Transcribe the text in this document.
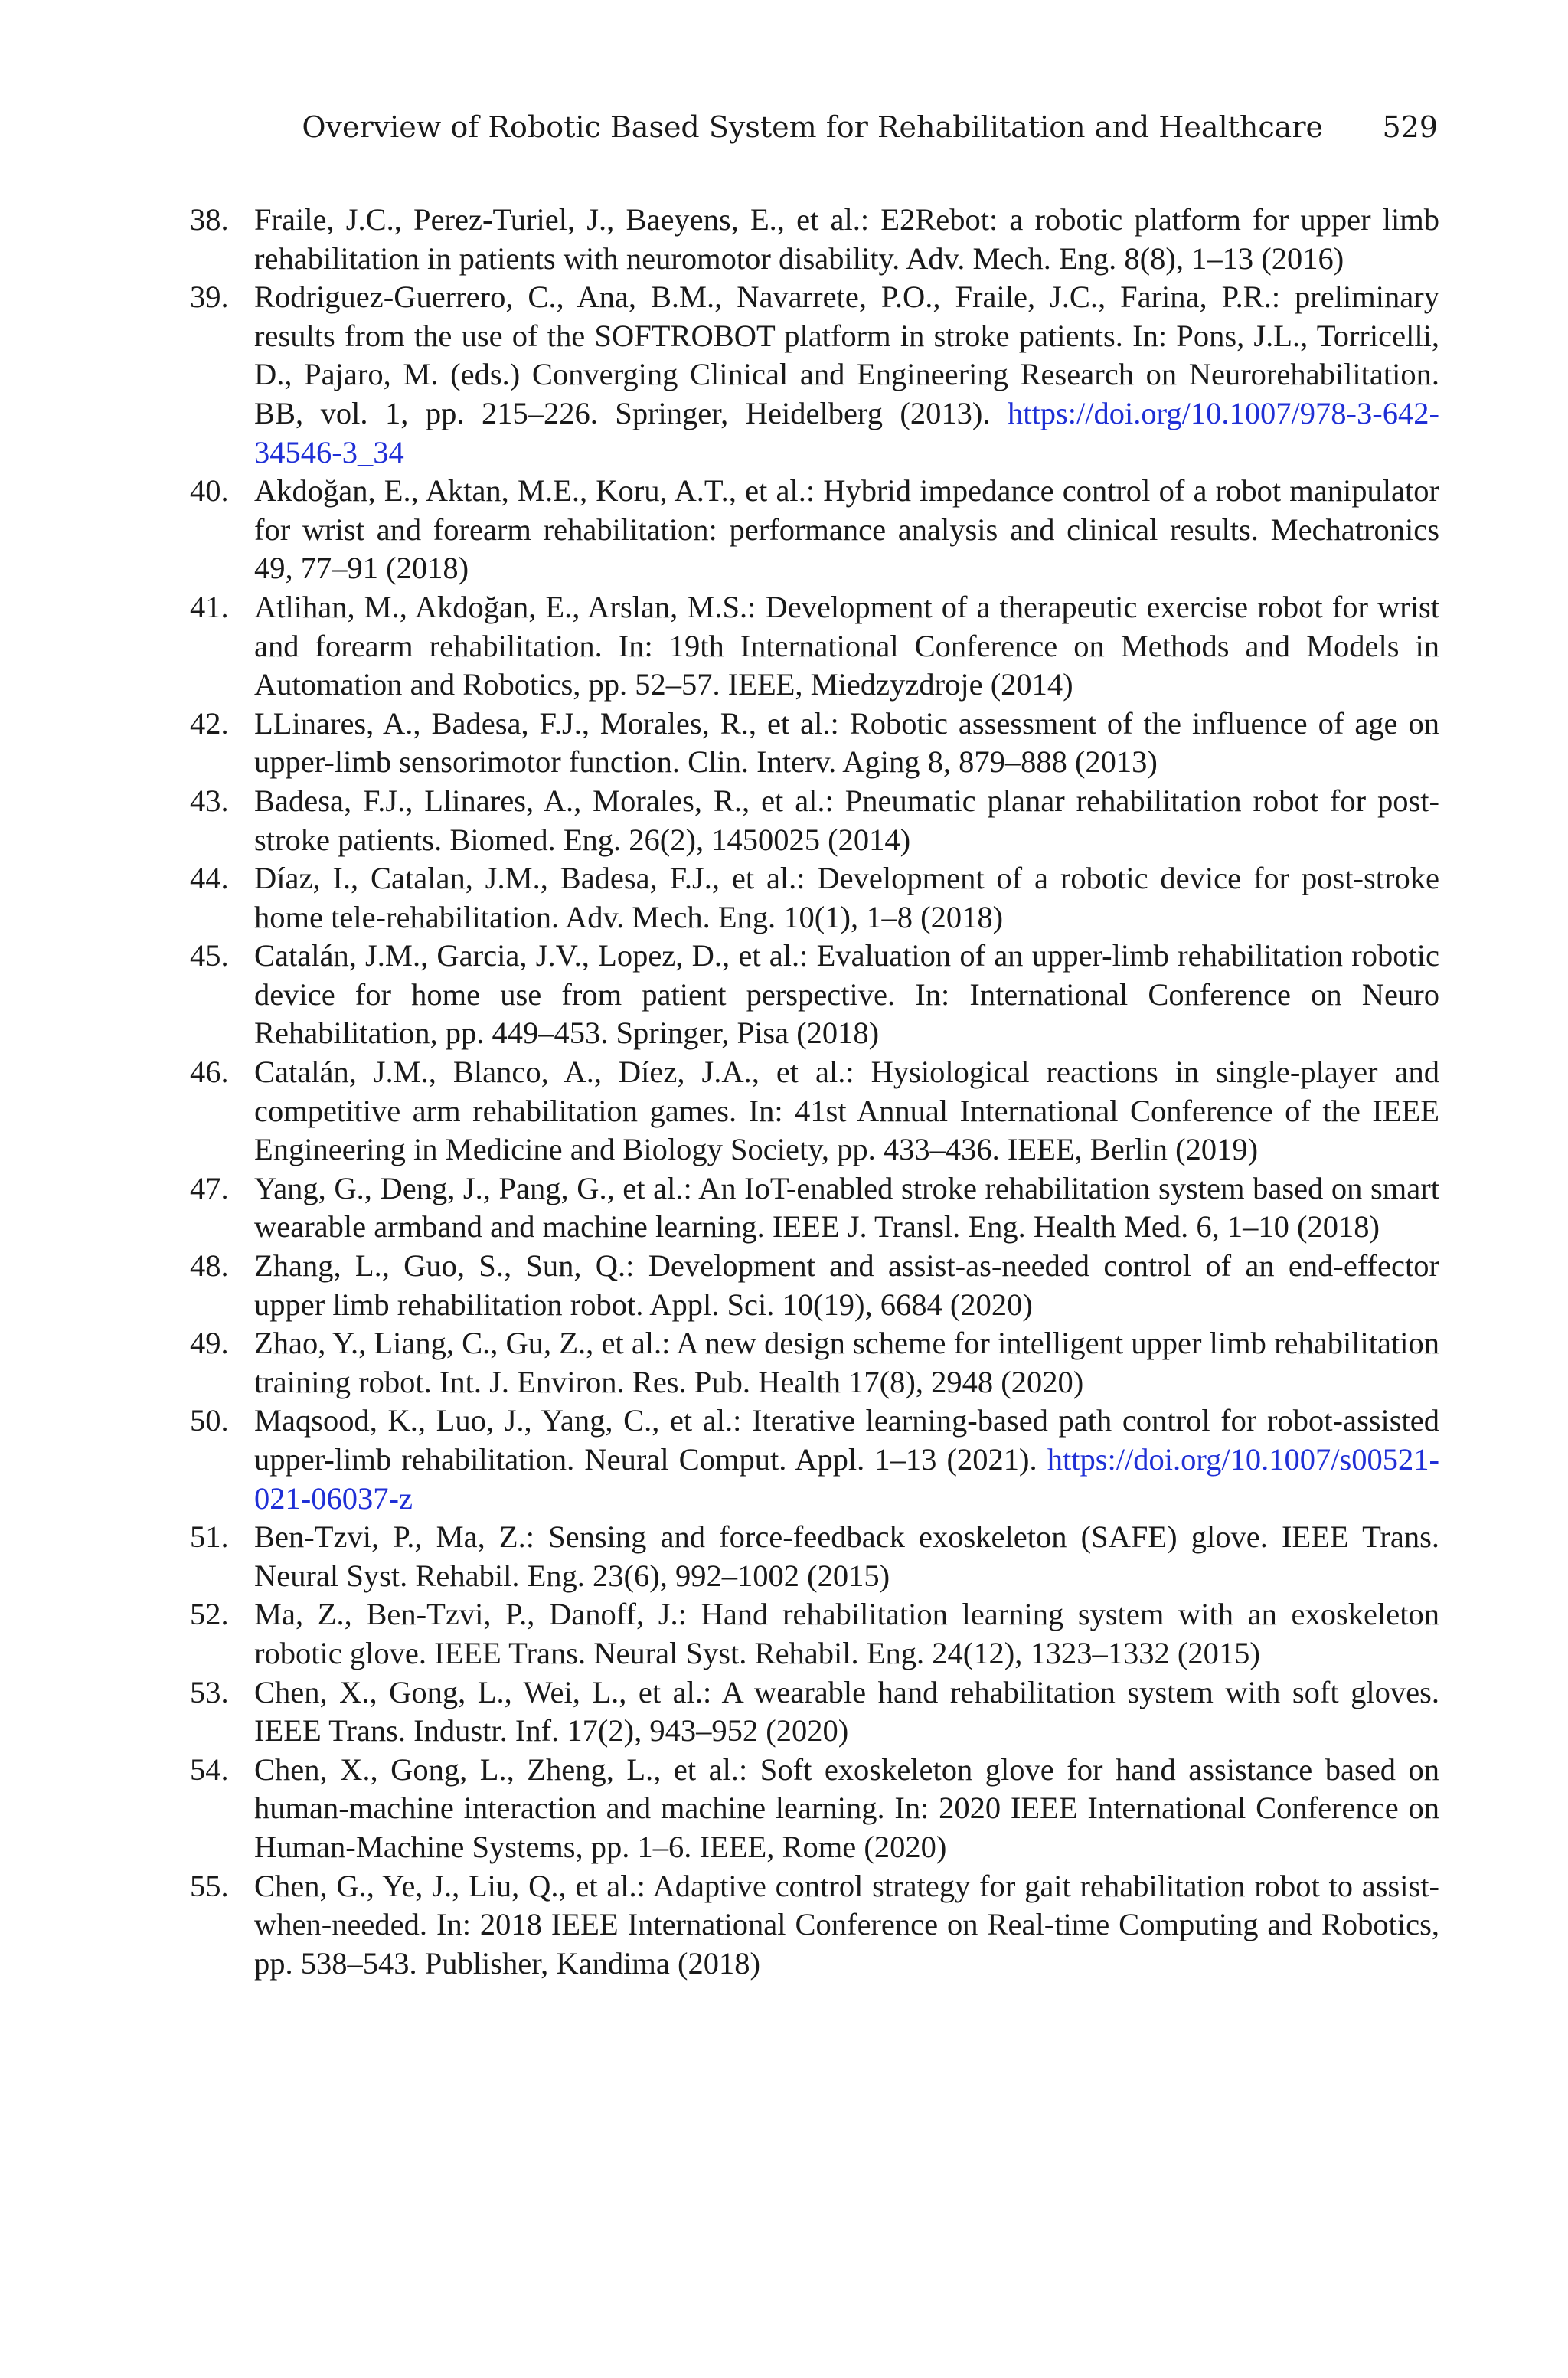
Overview of Robotic Based System for Rehabilitation and Healthcare 529
38. Fraile, J.C., Perez-Turiel, J., Baeyens, E., et al.: E2Rebot: a robotic platform for upper limb rehabilitation in patients with neuromotor disability. Adv. Mech. Eng. 8(8), 1–13 (2016)
39. Rodriguez-Guerrero, C., Ana, B.M., Navarrete, P.O., Fraile, J.C., Farina, P.R.: preliminary results from the use of the SOFTROBOT platform in stroke patients. In: Pons, J.L., Torricelli, D., Pajaro, M. (eds.) Converging Clinical and Engineering Research on Neurorehabilitation. BB, vol. 1, pp. 215–226. Springer, Heidelberg (2013). https://doi.org/10.1007/978-3-642-34546-3_34
40. Akdoğan, E., Aktan, M.E., Koru, A.T., et al.: Hybrid impedance control of a robot manipulator for wrist and forearm rehabilitation: performance analysis and clinical results. Mechatronics 49, 77–91 (2018)
41. Atlihan, M., Akdoğan, E., Arslan, M.S.: Development of a therapeutic exercise robot for wrist and forearm rehabilitation. In: 19th International Conference on Methods and Models in Automation and Robotics, pp. 52–57. IEEE, Miedzyzdroje (2014)
42. LLinares, A., Badesa, F.J., Morales, R., et al.: Robotic assessment of the influence of age on upper-limb sensorimotor function. Clin. Interv. Aging 8, 879–888 (2013)
43. Badesa, F.J., Llinares, A., Morales, R., et al.: Pneumatic planar rehabilitation robot for post-stroke patients. Biomed. Eng. 26(2), 1450025 (2014)
44. Díaz, I., Catalan, J.M., Badesa, F.J., et al.: Development of a robotic device for post-stroke home tele-rehabilitation. Adv. Mech. Eng. 10(1), 1–8 (2018)
45. Catalán, J.M., Garcia, J.V., Lopez, D., et al.: Evaluation of an upper-limb rehabilitation robotic device for home use from patient perspective. In: International Conference on Neuro Rehabilitation, pp. 449–453. Springer, Pisa (2018)
46. Catalán, J.M., Blanco, A., Díez, J.A., et al.: Hysiological reactions in single-player and competitive arm rehabilitation games. In: 41st Annual International Conference of the IEEE Engineering in Medicine and Biology Society, pp. 433–436. IEEE, Berlin (2019)
47. Yang, G., Deng, J., Pang, G., et al.: An IoT-enabled stroke rehabilitation system based on smart wearable armband and machine learning. IEEE J. Transl. Eng. Health Med. 6, 1–10 (2018)
48. Zhang, L., Guo, S., Sun, Q.: Development and assist-as-needed control of an end-effector upper limb rehabilitation robot. Appl. Sci. 10(19), 6684 (2020)
49. Zhao, Y., Liang, C., Gu, Z., et al.: A new design scheme for intelligent upper limb rehabilitation training robot. Int. J. Environ. Res. Pub. Health 17(8), 2948 (2020)
50. Maqsood, K., Luo, J., Yang, C., et al.: Iterative learning-based path control for robot-assisted upper-limb rehabilitation. Neural Comput. Appl. 1–13 (2021). https://doi.org/10.1007/s00521-021-06037-z
51. Ben-Tzvi, P., Ma, Z.: Sensing and force-feedback exoskeleton (SAFE) glove. IEEE Trans. Neural Syst. Rehabil. Eng. 23(6), 992–1002 (2015)
52. Ma, Z., Ben-Tzvi, P., Danoff, J.: Hand rehabilitation learning system with an exoskeleton robotic glove. IEEE Trans. Neural Syst. Rehabil. Eng. 24(12), 1323–1332 (2015)
53. Chen, X., Gong, L., Wei, L., et al.: A wearable hand rehabilitation system with soft gloves. IEEE Trans. Industr. Inf. 17(2), 943–952 (2020)
54. Chen, X., Gong, L., Zheng, L., et al.: Soft exoskeleton glove for hand assistance based on human-machine interaction and machine learning. In: 2020 IEEE International Conference on Human-Machine Systems, pp. 1–6. IEEE, Rome (2020)
55. Chen, G., Ye, J., Liu, Q., et al.: Adaptive control strategy for gait rehabilitation robot to assist-when-needed. In: 2018 IEEE International Conference on Real-time Computing and Robotics, pp. 538–543. Publisher, Kandima (2018)
